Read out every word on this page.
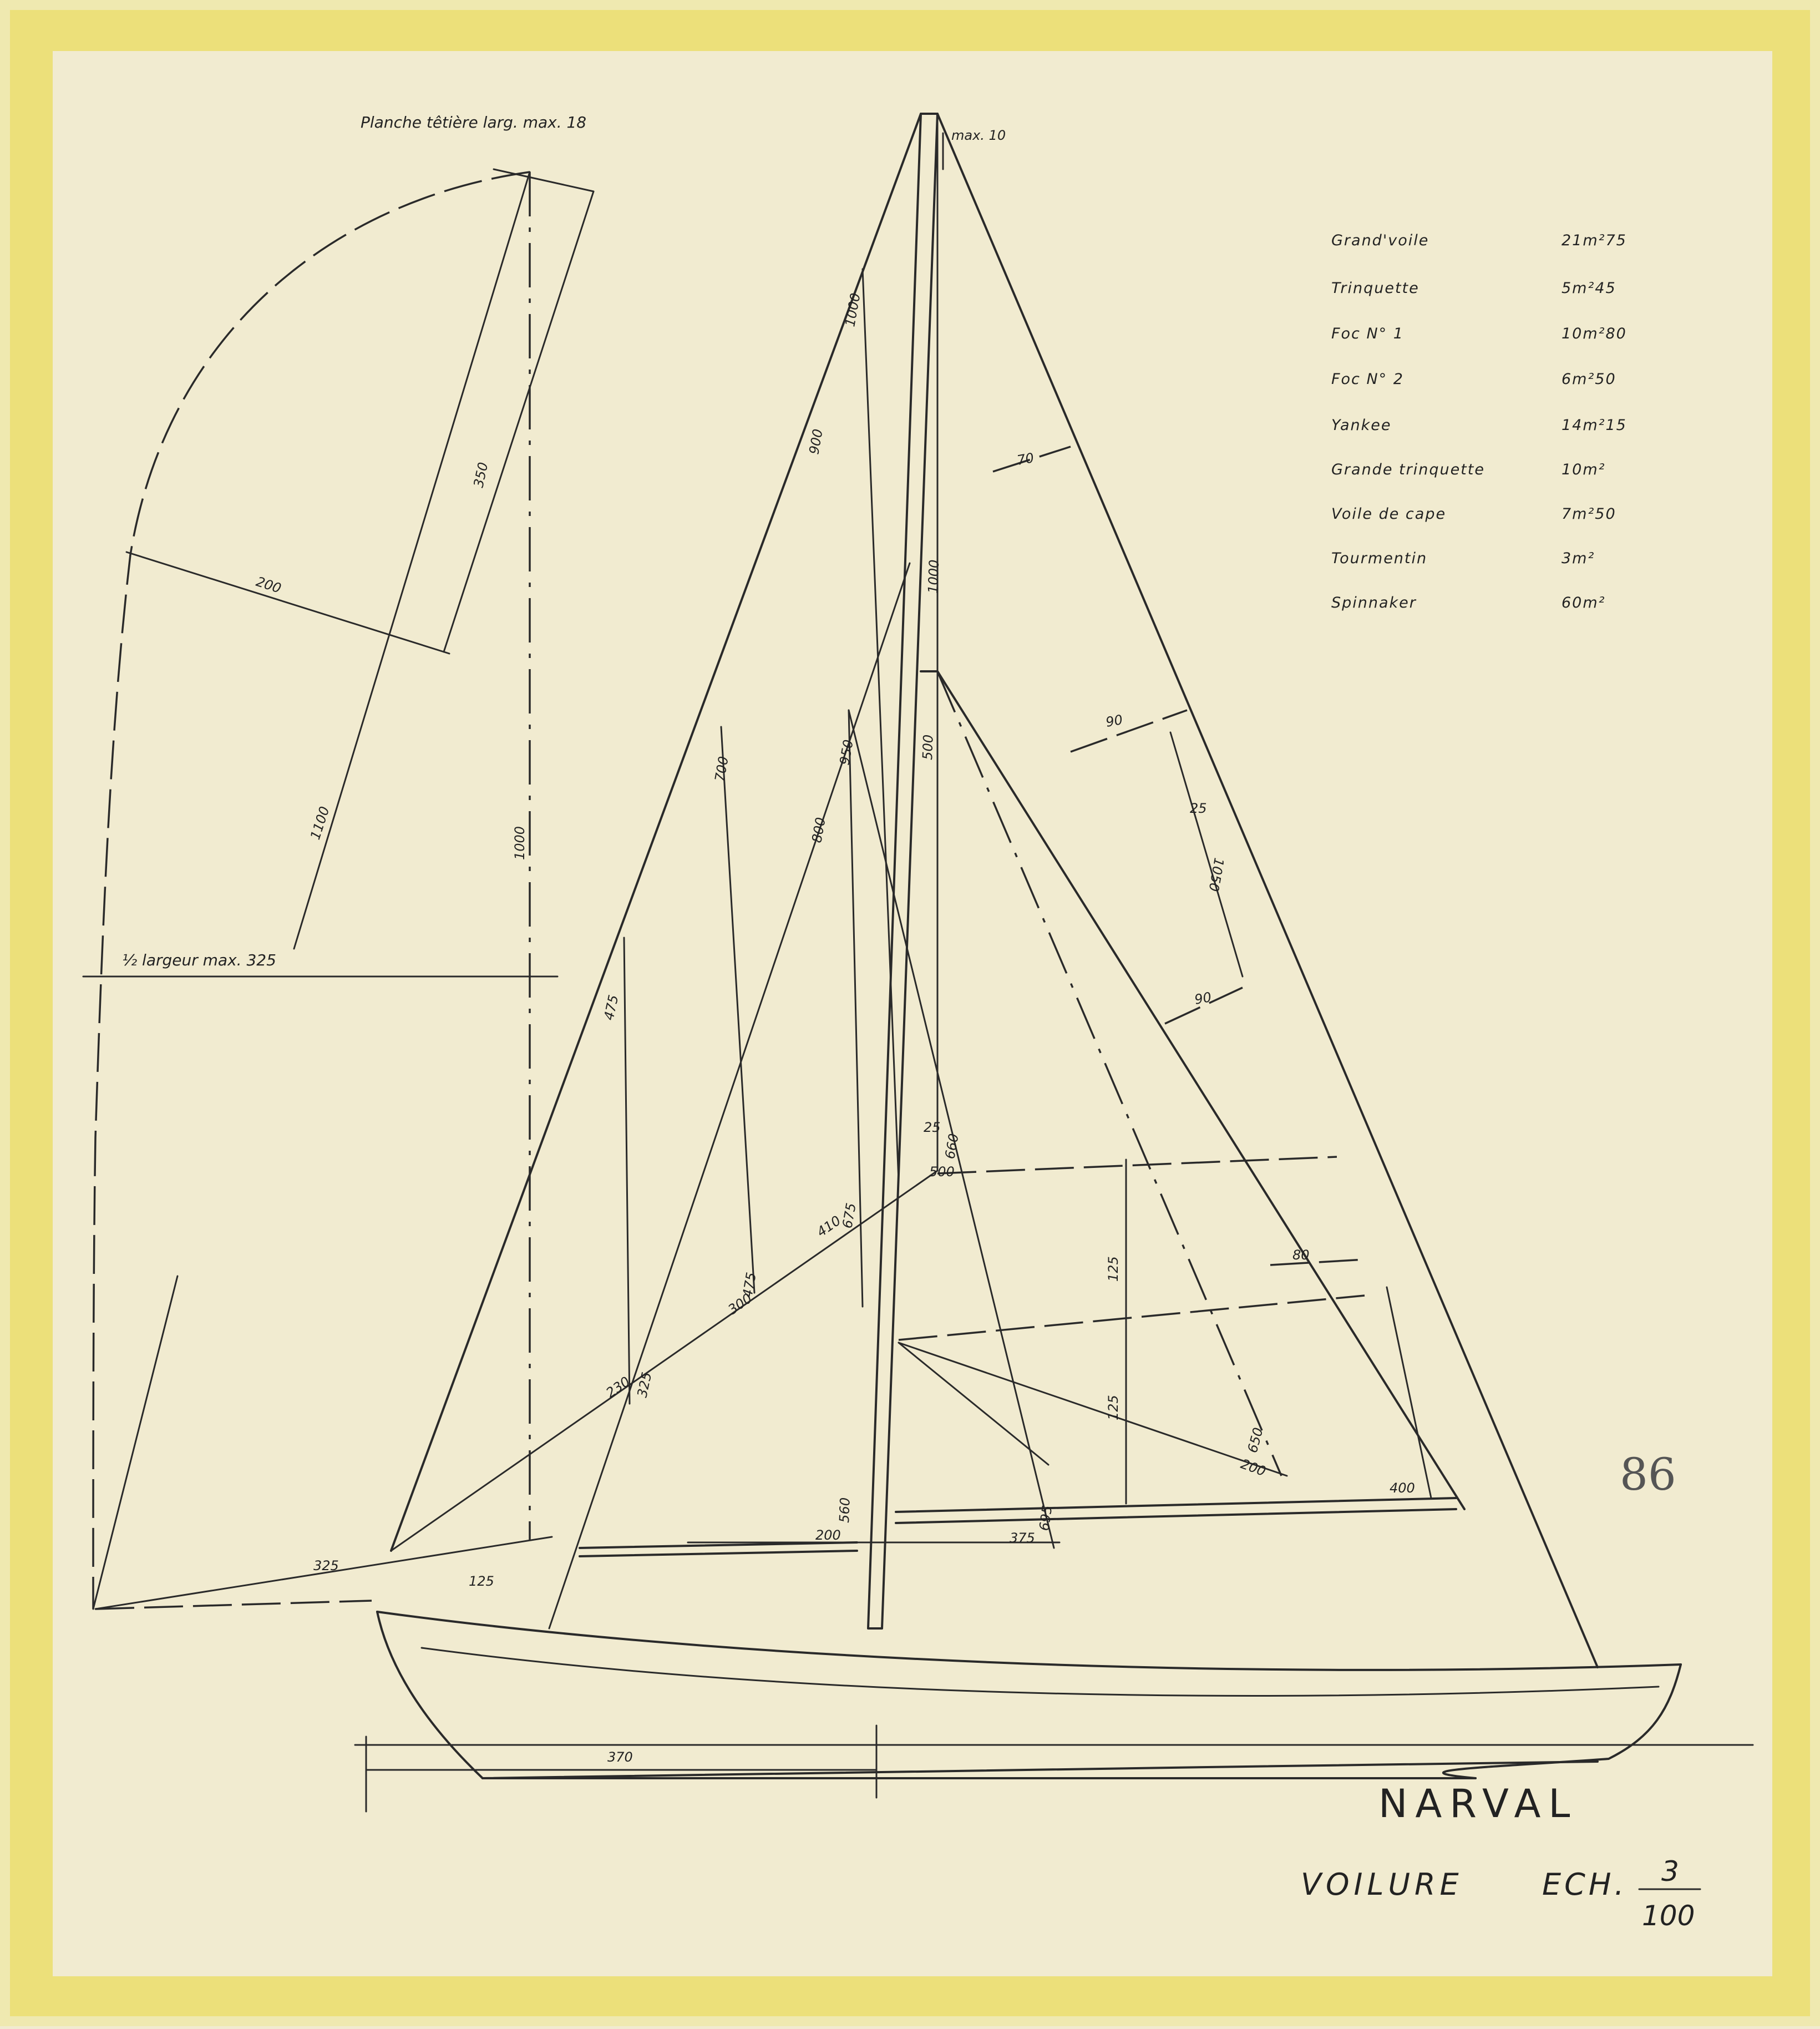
Planche têtière larg. max. 18
350
200
1100
1000
½ largeur max. 325
325
125
370
max. 10
1000
900
1000
500
700
950
800
475
325
230
300
475
410
675
25
660
500
560
200	375
695
70
90
25
1050
90
80
125
125
650
200
400
Grand'voile	21m²75
Trinquette	5m²45
Foc N° 1	10m²80
Foc N° 2	6m²50
Yankee	14m²15
Grande trinquette	10m²
Voile de cape	7m²50
Tourmentin	3m²
Spinnaker	60m²
86
NARVAL
VOILURE	ECH. 3
100
